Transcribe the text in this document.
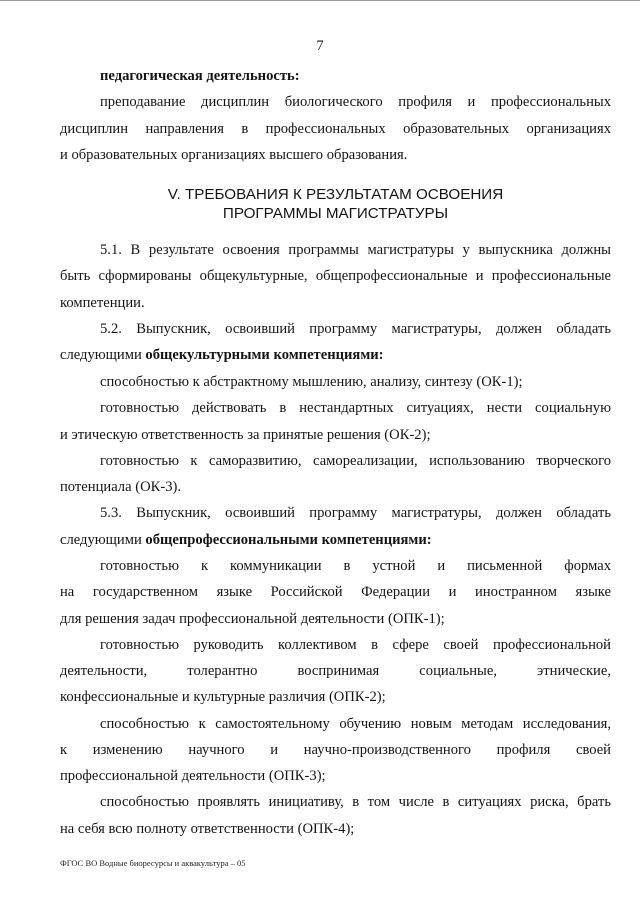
7
педагогическая деятельность:
преподавание дисциплин биологического профиля и профессиональных
дисциплин направления в профессиональных образовательных организациях
и образовательных организациях высшего образования.
V. ТРЕБОВАНИЯ К РЕЗУЛЬТАТАМ ОСВОЕНИЯ
ПРОГРАММЫ МАГИСТРАТУРЫ
5.1. В результате освоения программы магистратуры у выпускника должны
быть сформированы общекультурные, общепрофессиональные и профессиональные
компетенции.
5.2. Выпускник, освоивший программу магистратуры, должен обладать
следующими общекультурными компетенциями:
способностью к абстрактному мышлению, анализу, синтезу (ОК-1);
готовностью действовать в нестандартных ситуациях, нести социальную
и этическую ответственность за принятые решения (ОК-2);
готовностью к саморазвитию, самореализации, использованию творческого
потенциала (ОК-3).
5.3. Выпускник, освоивший программу магистратуры, должен обладать
следующими общепрофессиональными компетенциями:
готовностью к коммуникации в устной и письменной формах
на государственном языке Российской Федерации и иностранном языке
для решения задач профессиональной деятельности (ОПК-1);
готовностью руководить коллективом в сфере своей профессиональной
деятельности, толерантно воспринимая социальные, этнические,
конфессиональные и культурные различия (ОПК-2);
способностью к самостоятельному обучению новым методам исследования,
к изменению научного и научно-производственного профиля своей
профессиональной деятельности (ОПК-3);
способностью проявлять инициативу, в том числе в ситуациях риска, брать
на себя всю полноту ответственности (ОПК-4);
ФГОС ВО Водные биоресурсы и аквакультура – 05
